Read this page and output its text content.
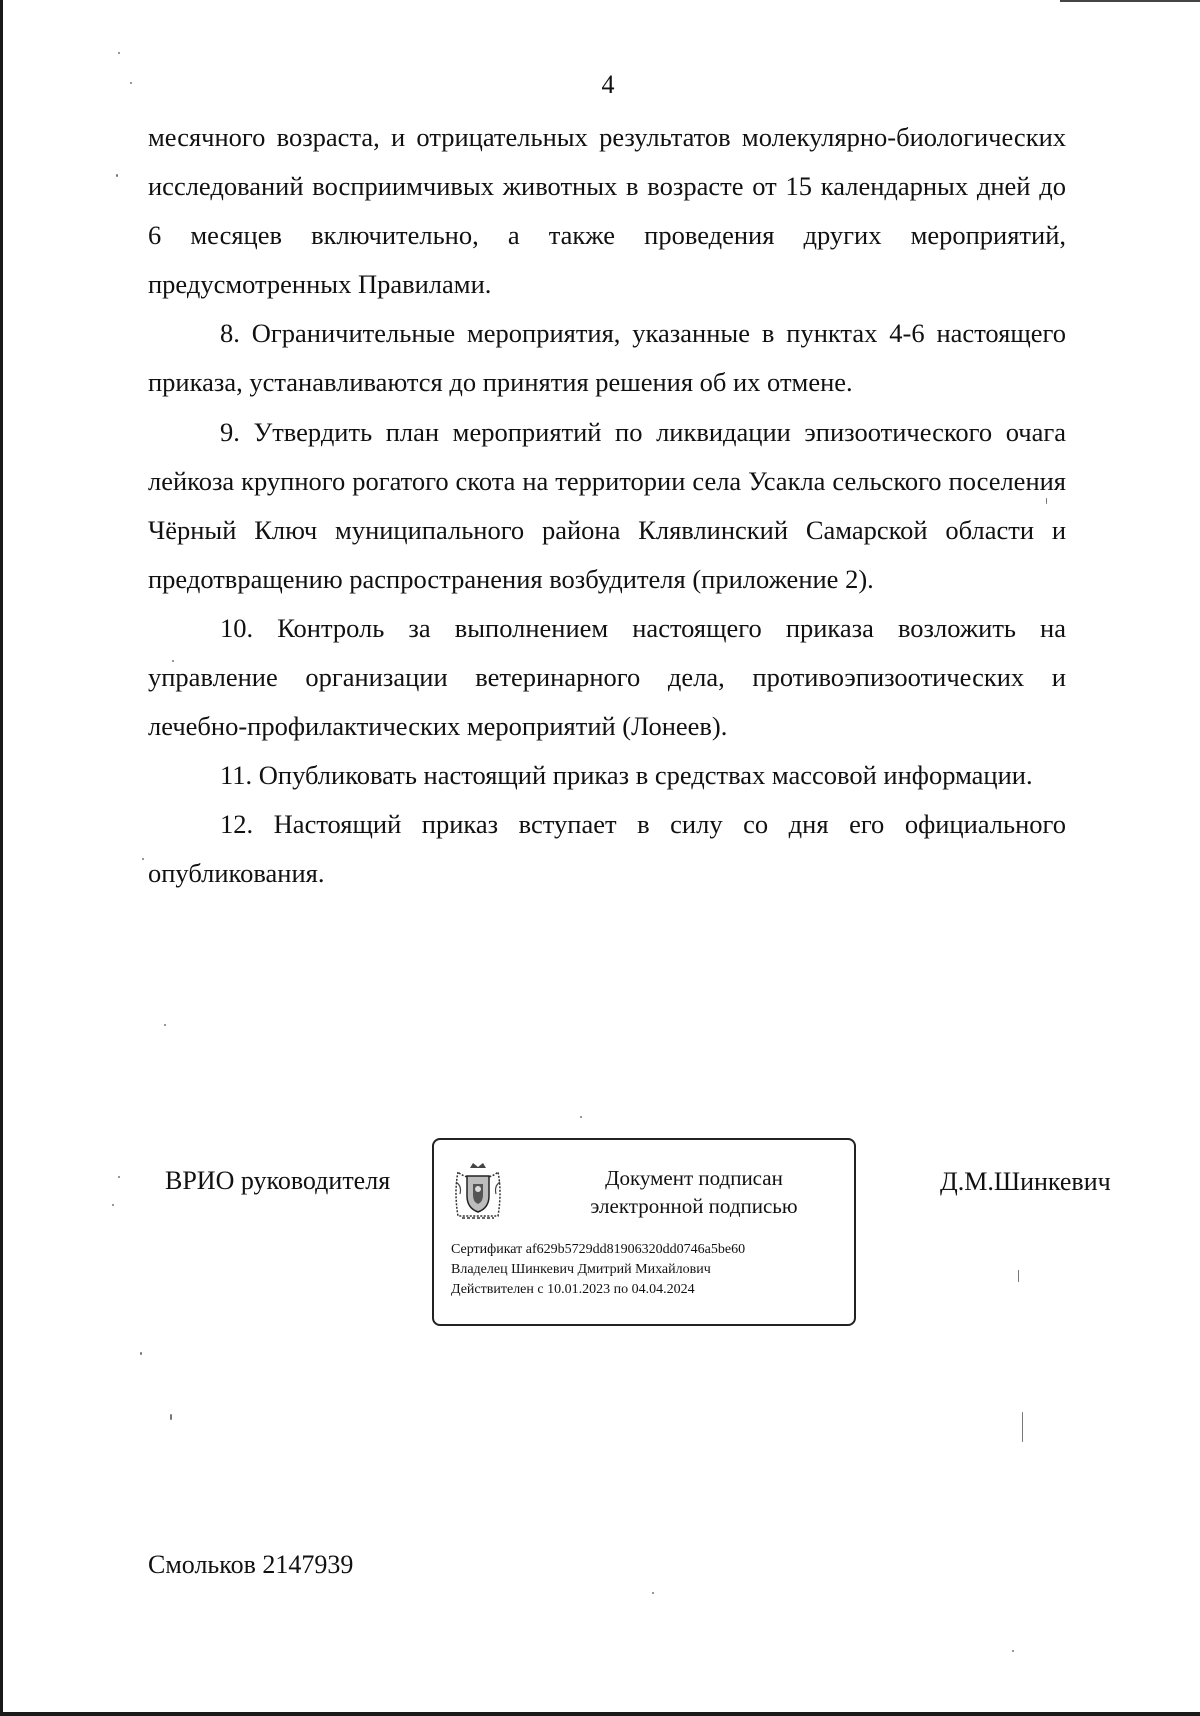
4

месячного возраста, и отрицательных результатов молекулярно-биологических исследований восприимчивых животных в возрасте от 15 календарных дней до 6 месяцев включительно, а также проведения других мероприятий, предусмотренных Правилами.

8. Ограничительные мероприятия, указанные в пунктах 4-6 настоящего приказа, устанавливаются до принятия решения об их отмене.

9. Утвердить план мероприятий по ликвидации эпизоотического очага лейкоза крупного рогатого скота на территории села Усакла сельского поселения Чёрный Ключ муниципального района Клявлинский Самарской области и предотвращению распространения возбудителя (приложение 2).

10. Контроль за выполнением настоящего приказа возложить на управление организации ветеринарного дела, противоэпизоотических и лечебно-профилактических мероприятий (Лонеев).

11. Опубликовать настоящий приказ в средствах массовой информации.

12. Настоящий приказ вступает в силу со дня его официального опубликования.

ВРИО руководителя	Документ подписан
электронной подписью
Сертификат af629b5729dd81906320dd0746a5be60
Владелец Шинкевич Дмитрий Михайлович
Действителен с 10.01.2023 по 04.04.2024
Д.М.Шинкевич
Смольков 2147939
